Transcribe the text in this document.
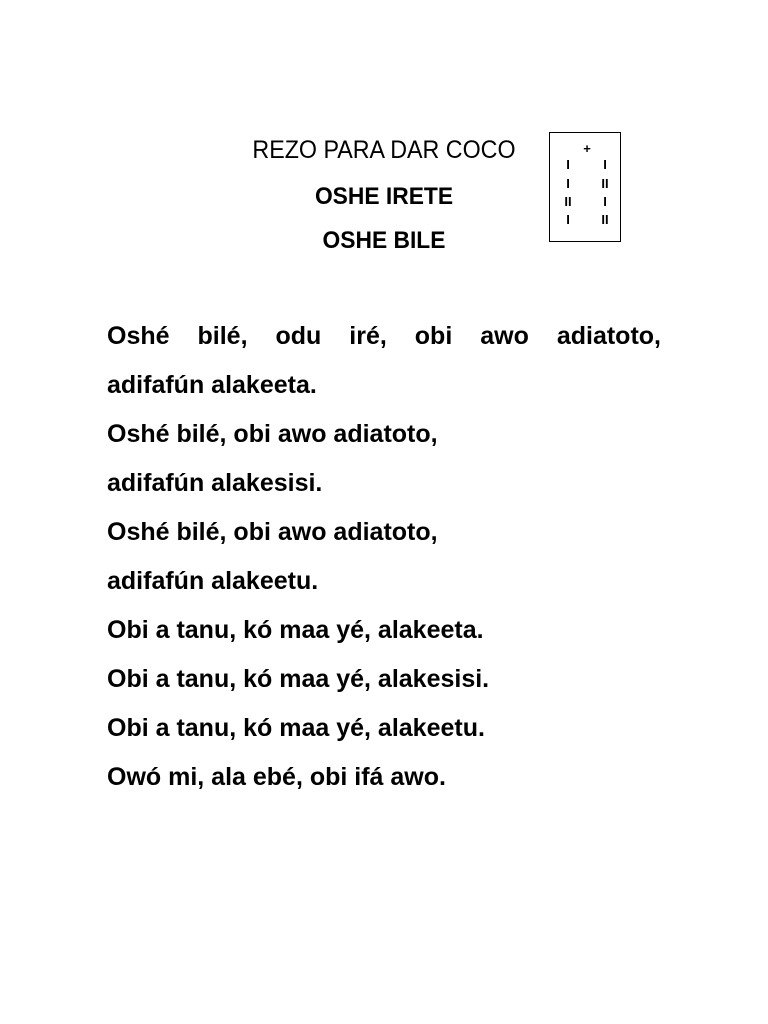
REZO PARA DAR COCO
OSHE IRETE
OSHE BILE
+
I
I
II
I
I
II
I
II
Oshé bilé, odu iré, obi awo adiatoto,
adifafún alakeeta.
Oshé bilé, obi awo adiatoto,
adifafún alakesisi.
Oshé bilé, obi awo adiatoto,
adifafún alakeetu.
Obi a tanu, kó maa yé, alakeeta.
Obi a tanu, kó maa yé, alakesisi.
Obi a tanu, kó maa yé, alakeetu.
Owó mi, ala ebé, obi ifá awo.
